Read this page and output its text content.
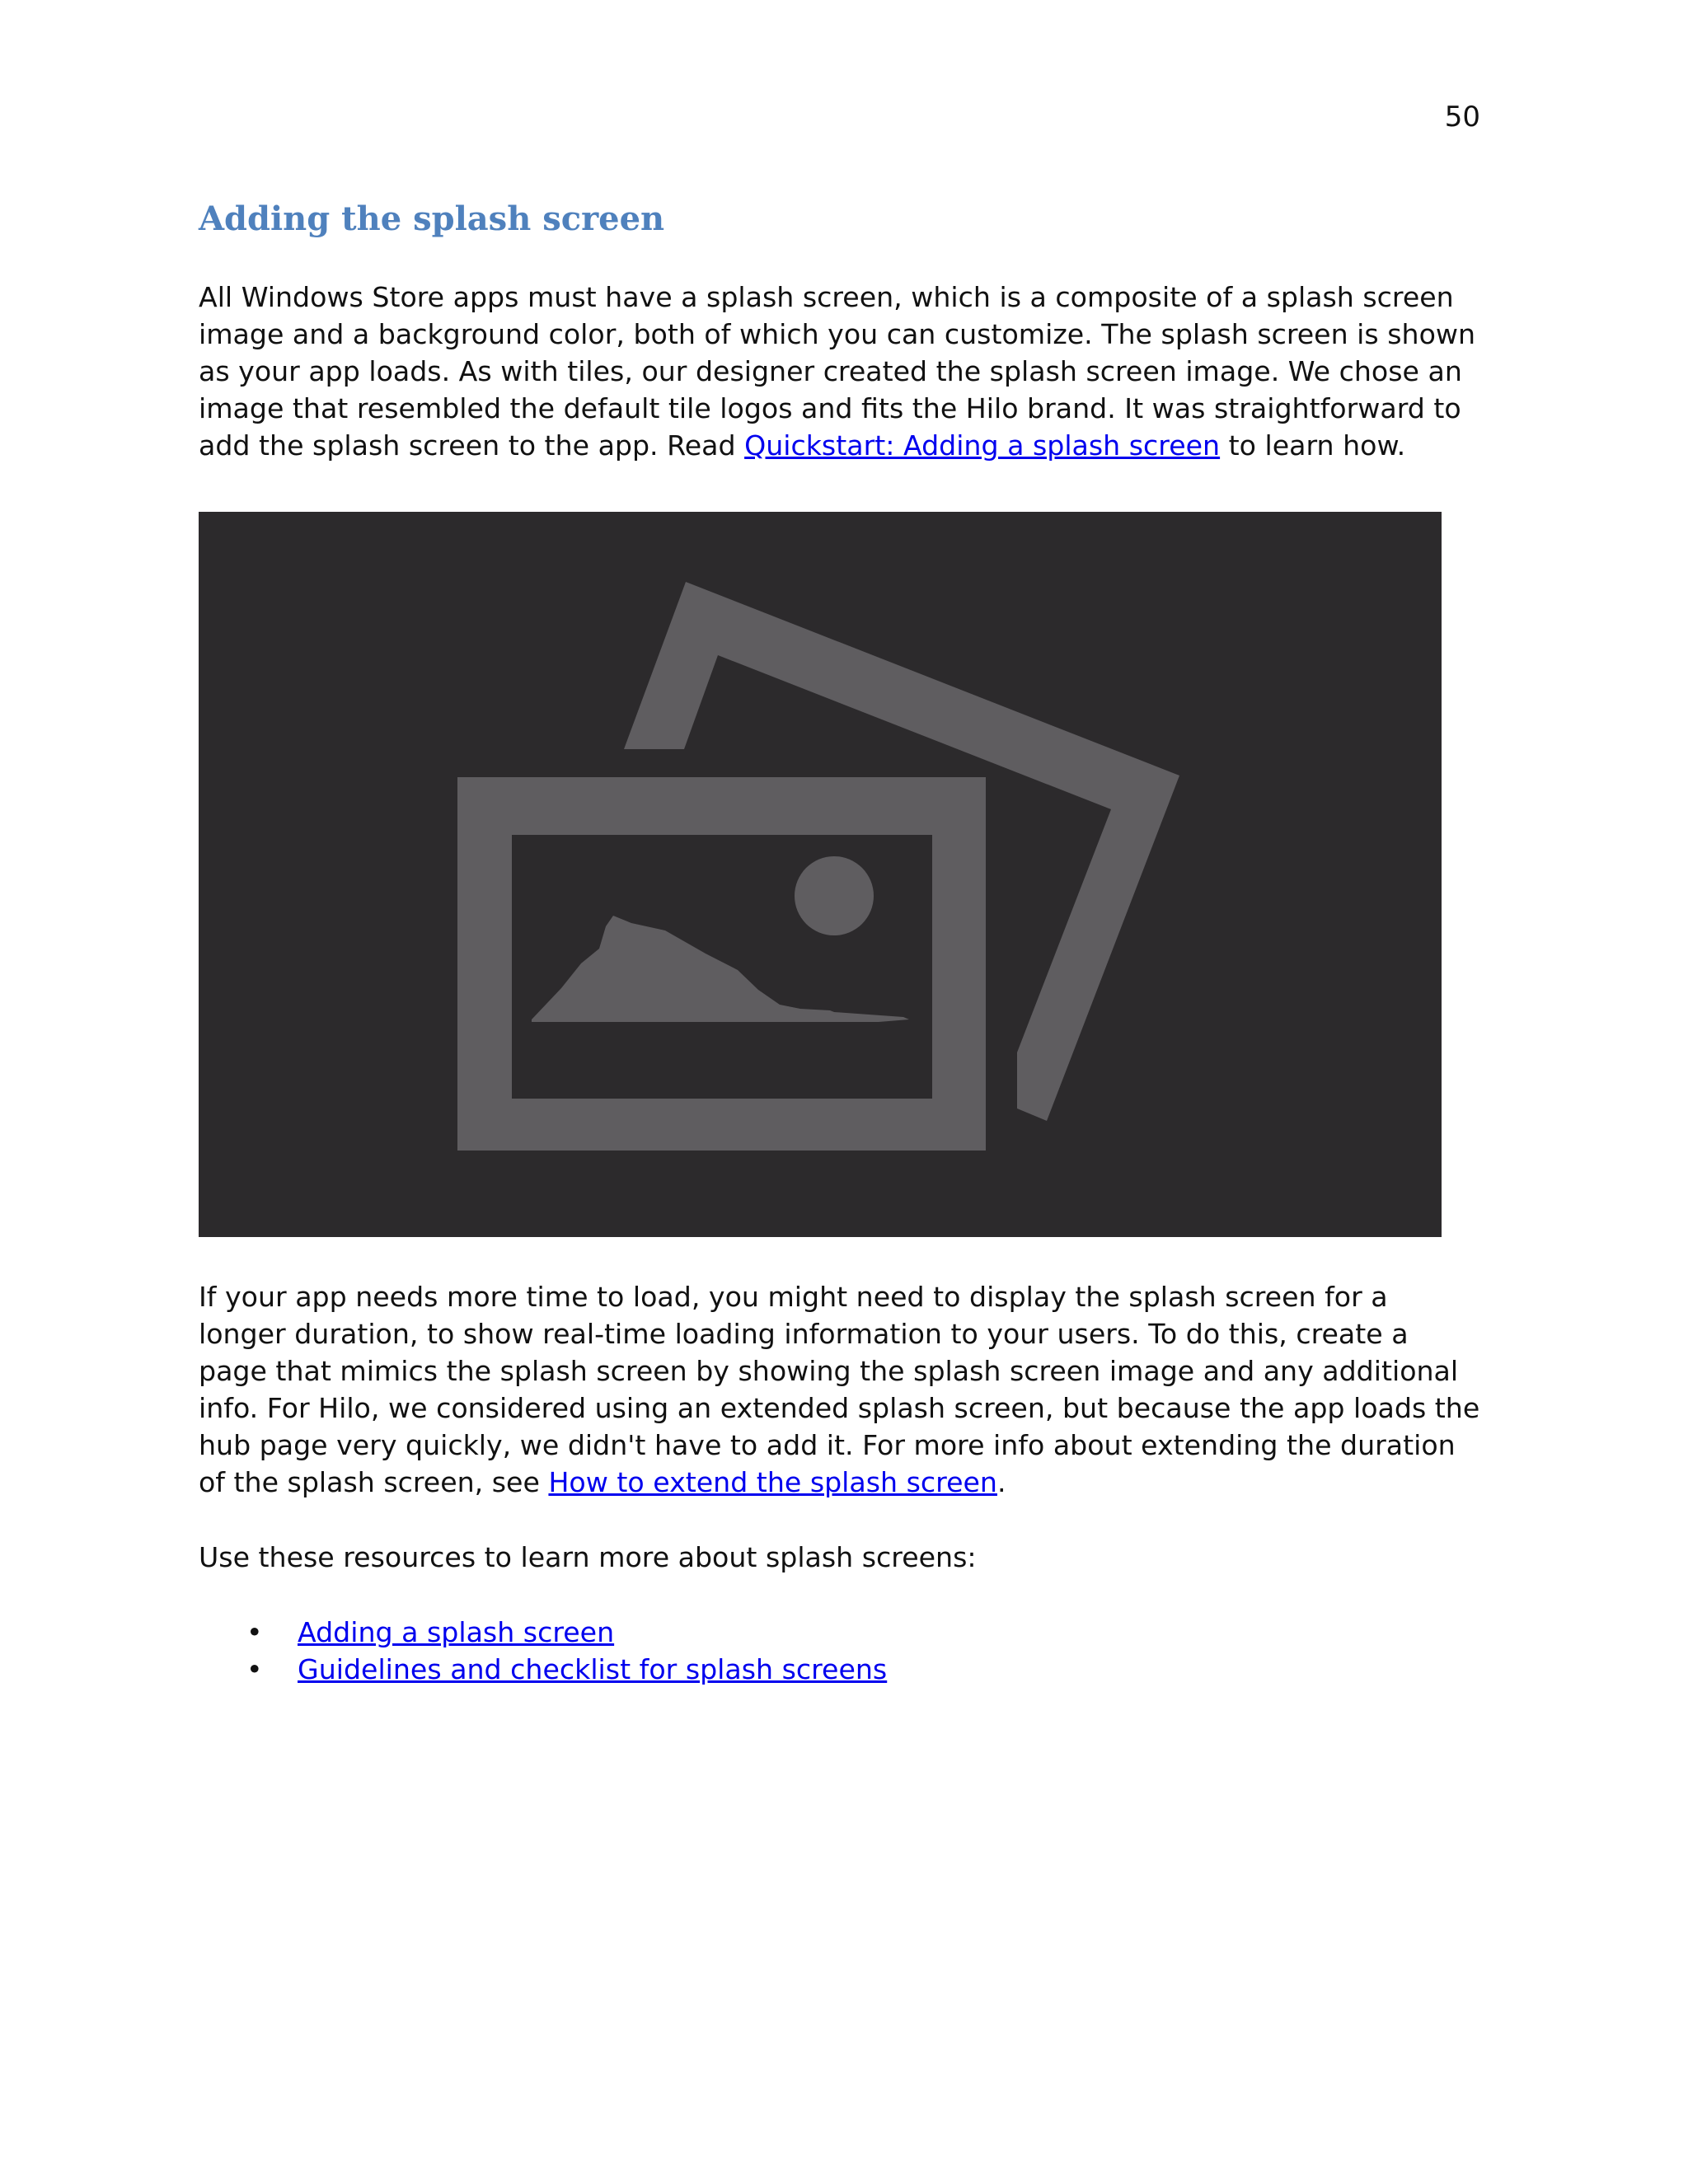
50
Adding the splash screen

All Windows Store apps must have a splash screen, which is a composite of a splash screen image and a background color, both of which you can customize. The splash screen is shown as your app loads. As with tiles, our designer created the splash screen image. We chose an image that resembled the default tile logos and fits the Hilo brand. It was straightforward to add the splash screen to the app. Read Quickstart: Adding a splash screen to learn how.

If your app needs more time to load, you might need to display the splash screen for a longer duration, to show real-time loading information to your users. To do this, create a page that mimics the splash screen by showing the splash screen image and any additional info. For Hilo, we considered using an extended splash screen, but because the app loads the hub page very quickly, we didn't have to add it. For more info about extending the duration of the splash screen, see How to extend the splash screen.

Use these resources to learn more about splash screens:

• Adding a splash screen
• Guidelines and checklist for splash screens
